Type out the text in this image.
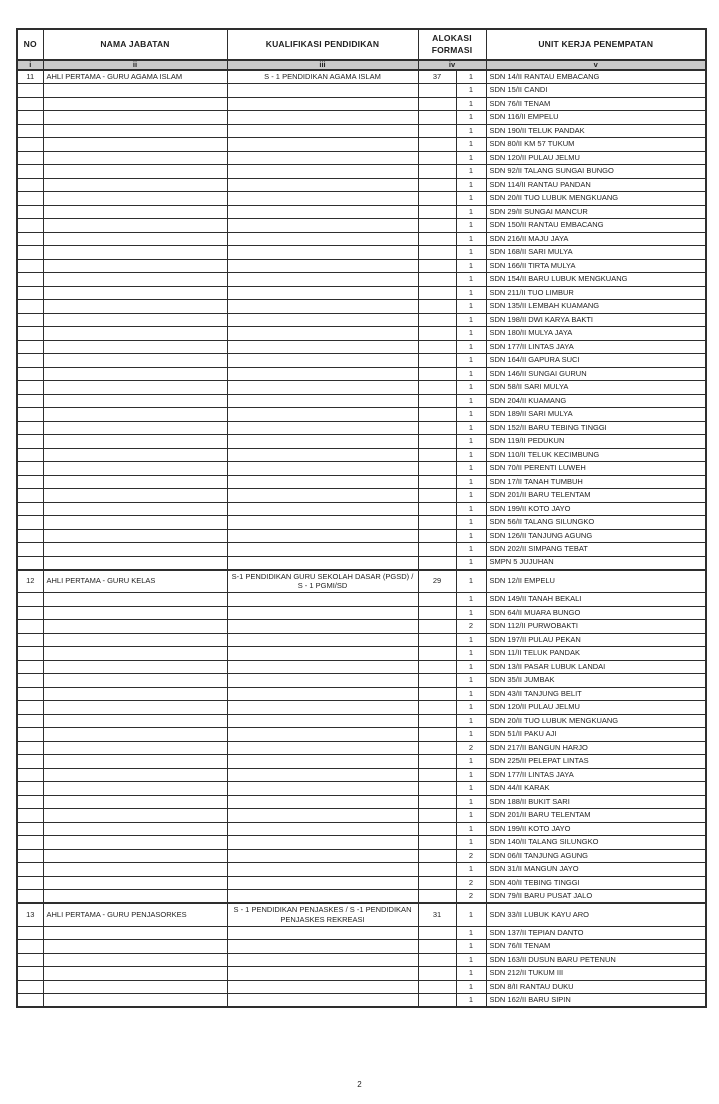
NO	NAMA JABATAN	KUALIFIKASI PENDIDIKAN	ALOKASI FORMASI		UNIT KERJA PENEMPATAN
i	ii	iii	iv		v
11	AHLI PERTAMA - GURU AGAMA ISLAM	S - 1 PENDIDIKAN AGAMA ISLAM	37	1	SDN 14/II RANTAU EMBACANG
				1	SDN 15/II CANDI
				1	SDN 76/II TENAM
				1	SDN 116/II EMPELU
				1	SDN 190/II TELUK PANDAK
				1	SDN 80/II KM 57 TUKUM
				1	SDN 120/II PULAU JELMU
				1	SDN 92/II TALANG SUNGAI BUNGO
				1	SDN 114/II RANTAU PANDAN
				1	SDN 20/II TUO LUBUK MENGKUANG
				1	SDN 29/II SUNGAI MANCUR
				1	SDN 150/II RANTAU EMBACANG
				1	SDN 216/II MAJU JAYA
				1	SDN 168/II SARI MULYA
				1	SDN 166/II TIRTA MULYA
				1	SDN 154/II BARU LUBUK MENGKUANG
				1	SDN 211/II TUO LIMBUR
				1	SDN 135/II LEMBAH KUAMANG
				1	SDN 198/II DWI KARYA BAKTI
				1	SDN 180/II MULYA JAYA
				1	SDN 177/II LINTAS JAYA
				1	SDN 164/II GAPURA SUCI
				1	SDN 146/II SUNGAI GURUN
				1	SDN 58/II SARI MULYA
				1	SDN 204/II KUAMANG
				1	SDN 189/II SARI MULYA
				1	SDN 152/II BARU TEBING TINGGI
				1	SDN 119/II PEDUKUN
				1	SDN 110/II TELUK KECIMBUNG
				1	SDN 70/II PERENTI LUWEH
				1	SDN 17/II TANAH TUMBUH
				1	SDN 201/II BARU TELENTAM
				1	SDN 199/II KOTO JAYO
				1	SDN 56/II TALANG SILUNGKO
				1	SDN 126/II TANJUNG AGUNG
				1	SDN 202/II SIMPANG TEBAT
				1	SMPN 5 JUJUHAN
12	AHLI PERTAMA - GURU KELAS	S-1 PENDIDIKAN GURU SEKOLAH DASAR (PGSD) / S - 1 PGMI/SD	29	1	SDN 12/II EMPELU
				1	SDN 149/II TANAH BEKALI
				1	SDN 64/II MUARA BUNGO
				2	SDN 112/II PURWOBAKTI
				1	SDN 197/II PULAU PEKAN
				1	SDN 11/II TELUK PANDAK
				1	SDN 13/II PASAR LUBUK LANDAI
				1	SDN 35/II JUMBAK
				1	SDN 43/II TANJUNG BELIT
				1	SDN 120/II PULAU JELMU
				1	SDN 20/II TUO LUBUK MENGKUANG
				1	SDN 51/II PAKU AJI
				2	SDN 217/II BANGUN HARJO
				1	SDN 225/II PELEPAT LINTAS
				1	SDN 177/II LINTAS JAYA
				1	SDN 44/II KARAK
				1	SDN 188/II BUKIT SARI
				1	SDN 201/II BARU TELENTAM
				1	SDN 199/II KOTO JAYO
				1	SDN 140/II TALANG SILUNGKO
				2	SDN 06/II TANJUNG AGUNG
				1	SDN 31/II MANGUN JAYO
				2	SDN 40/II TEBING TINGGI
				2	SDN 79/II BARU PUSAT JALO
13	AHLI PERTAMA - GURU PENJASORKES	S - 1 PENDIDIKAN PENJASKES / S -1 PENDIDIKAN PENJASKES REKREASI	31	1	SDN 33/II LUBUK KAYU ARO
				1	SDN 137/II TEPIAN DANTO
				1	SDN 76/II TENAM
				1	SDN 163/II DUSUN BARU PETENUN
				1	SDN 212/II TUKUM III
				1	SDN 8/II RANTAU DUKU
				1	SDN 162/II BARU SIPIN
2
